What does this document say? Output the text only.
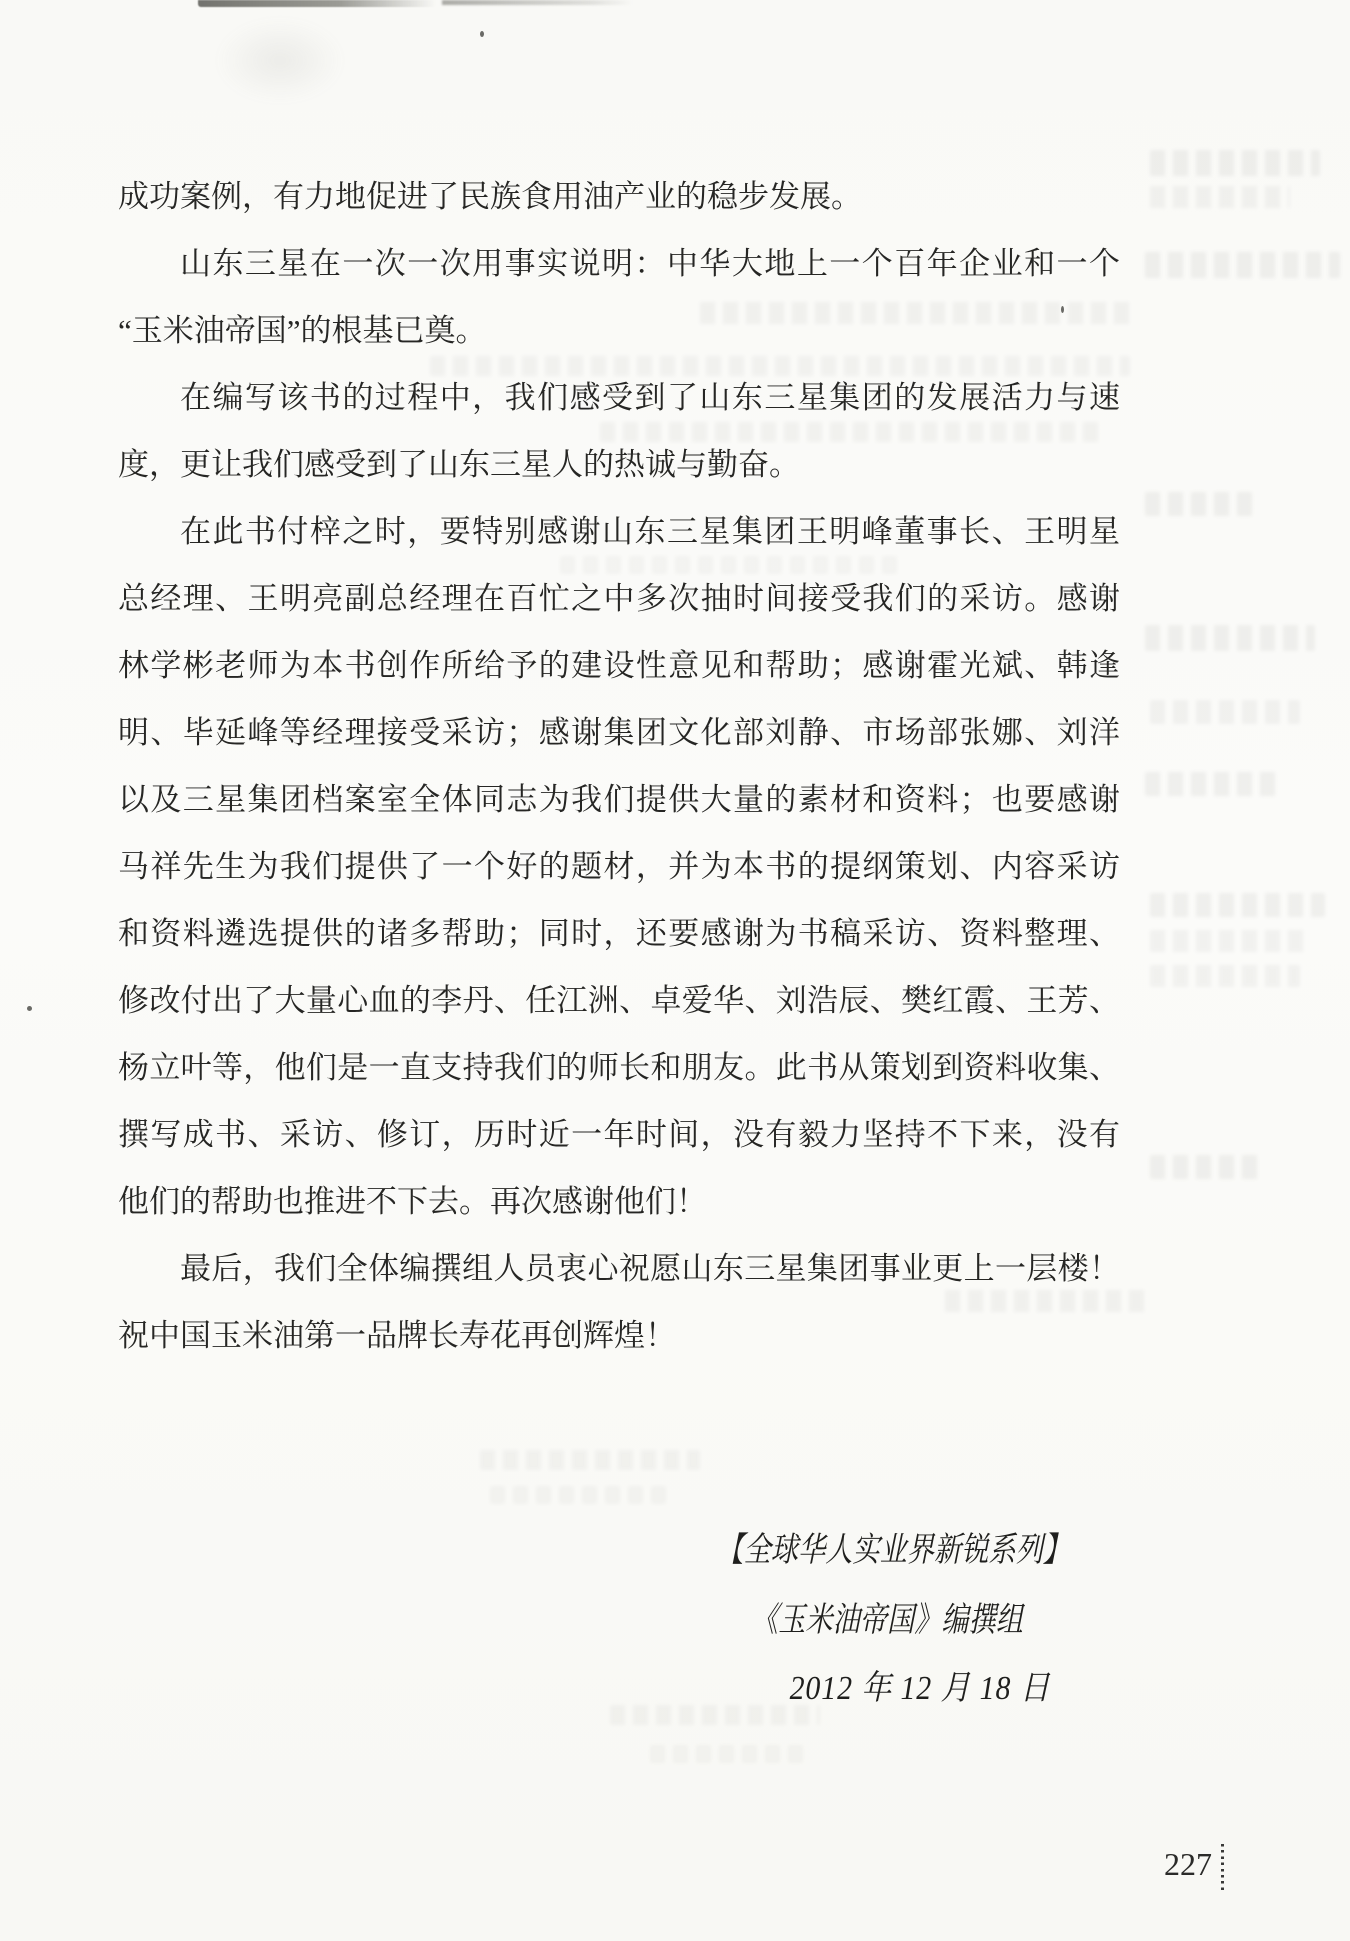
成功案例，有力地促进了民族食用油产业的稳步发展。
山东三星在一次一次用事实说明：中华大地上一个百年企业和一个
“玉米油帝国”的根基已奠。
在编写该书的过程中，我们感受到了山东三星集团的发展活力与速
度，更让我们感受到了山东三星人的热诚与勤奋。
在此书付梓之时，要特别感谢山东三星集团王明峰董事长、王明星
总经理、王明亮副总经理在百忙之中多次抽时间接受我们的采访。感谢
林学彬老师为本书创作所给予的建设性意见和帮助；感谢霍光斌、韩逢
明、毕延峰等经理接受采访；感谢集团文化部刘静、市场部张娜、刘洋
以及三星集团档案室全体同志为我们提供大量的素材和资料；也要感谢
马祥先生为我们提供了一个好的题材，并为本书的提纲策划、内容采访
和资料遴选提供的诸多帮助；同时，还要感谢为书稿采访、资料整理、
修改付出了大量心血的李丹、任江洲、卓爱华、刘浩辰、樊红霞、王芳、
杨立叶等，他们是一直支持我们的师长和朋友。此书从策划到资料收集、
撰写成书、采访、修订，历时近一年时间，没有毅力坚持不下来，没有
他们的帮助也推进不下去。再次感谢他们！
最后，我们全体编撰组人员衷心祝愿山东三星集团事业更上一层楼！
祝中国玉米油第一品牌长寿花再创辉煌！
【全球华人实业界新锐系列】
《玉米油帝国》编撰组
2012 年 12 月 18 日
227
